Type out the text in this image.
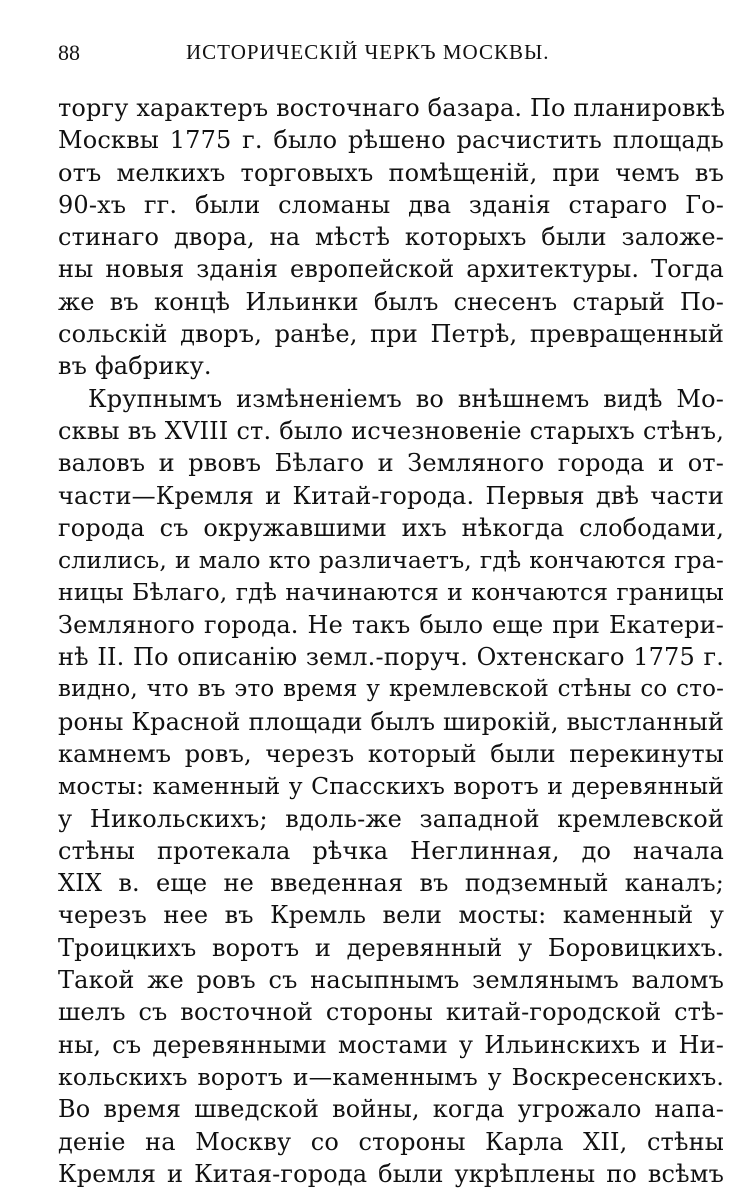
88	ИСТОРИЧЕСКIЙ ЧЕРКЪ МОСКВЫ.
торгу характеръ восточнаго базара. По планировкѣ
Москвы 1775 г. было рѣшено расчистить площадь
отъ мелкихъ торговыхъ помѣщенiй, при чемъ въ
90-хъ гг. были сломаны два зданiя стараго Го-
стинаго двора, на мѣстѣ которыхъ были заложе-
ны новыя зданiя европейской архитектуры. Тогда
же въ концѣ Ильинки былъ снесенъ старый По-
сольскiй дворъ, ранѣе, при Петрѣ, превращенный
въ фабрику.
Крупнымъ измѣненiемъ во внѣшнемъ видѣ Мо-
сквы въ XVIII ст. было исчезновенiе старыхъ стѣнъ,
валовъ и рвовъ Бѣлаго и Земляного города и от-
части—Кремля и Китай-города. Первыя двѣ части
города съ окружавшими ихъ нѣкогда слободами,
слились, и мало кто различаетъ, гдѣ кончаются гра-
ницы Бѣлаго, гдѣ начинаются и кончаются границы
Земляного города. Не такъ было еще при Екатери-
нѣ II. По описанiю земл.-поруч. Охтенскаго 1775 г.
видно, что въ это время у кремлевской стѣны со сто-
роны Красной площади былъ широкiй, выстланный
камнемъ ровъ, черезъ который были перекинуты
мосты: каменный у Спасскихъ воротъ и деревянный
у Никольскихъ; вдоль-же западной кремлевской
стѣны протекала рѣчка Неглинная, до начала
XIX в. еще не введенная въ подземный каналъ;
черезъ нее въ Кремль вели мосты: каменный у
Троицкихъ воротъ и деревянный у Боровицкихъ.
Такой же ровъ съ насыпнымъ землянымъ валомъ
шелъ съ восточной стороны китай-городской стѣ-
ны, съ деревянными мостами у Ильинскихъ и Ни-
кольскихъ воротъ и—каменнымъ у Воскресенскихъ.
Во время шведской войны, когда угрожало напа-
денiе на Москву со стороны Карла XII, стѣны
Кремля и Китая-города были укрѣплены по всѣмъ
